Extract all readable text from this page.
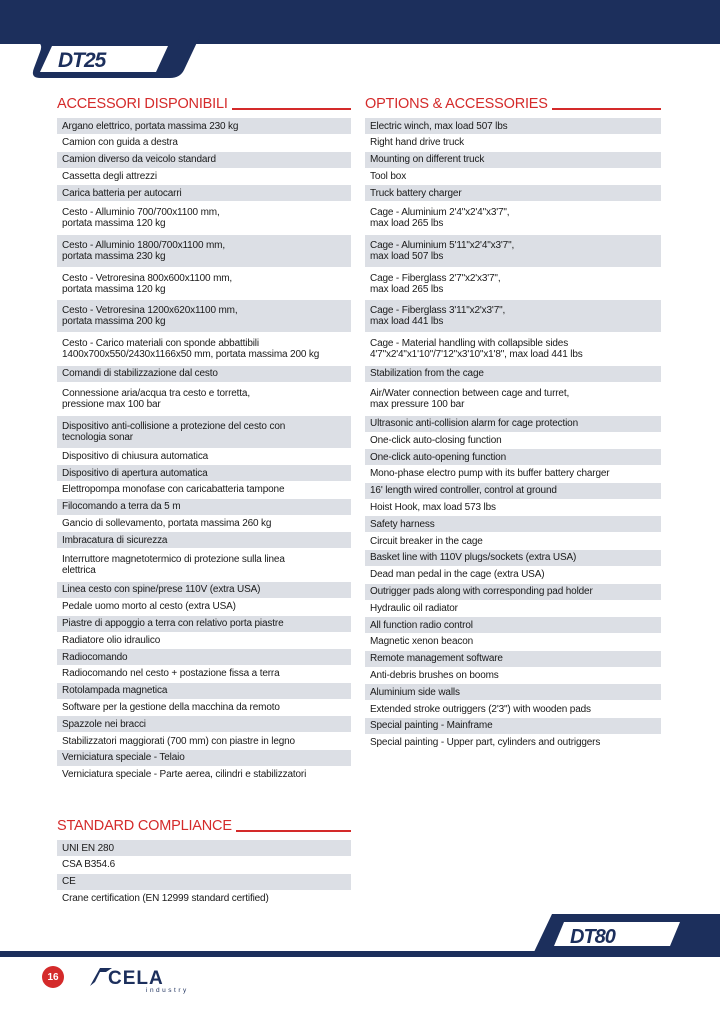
DT25
ACCESSORI DISPONIBILI
Argano elettrico, portata massima 230 kg
Camion con guida a destra
Camion diverso da veicolo standard
Cassetta degli attrezzi
Carica batteria per autocarri
Cesto - Alluminio 700/700x1100 mm,
portata massima 120 kg
Cesto - Alluminio 1800/700x1100 mm,
portata massima 230 kg
Cesto - Vetroresina 800x600x1100 mm,
portata massima 120 kg
Cesto - Vetroresina 1200x620x1100 mm,
portata massima 200 kg
Cesto - Carico materiali con sponde abbattibili
1400x700x550/2430x1166x50 mm, portata massima 200 kg
Comandi di stabilizzazione dal cesto
Connessione aria/acqua tra cesto e torretta,
pressione max 100 bar
Dispositivo anti-collisione a protezione del cesto con
tecnologia sonar
Dispositivo di chiusura automatica
Dispositivo di apertura automatica
Elettropompa monofase con caricabatteria tampone
Filocomando a terra da 5 m
Gancio di sollevamento, portata massima 260 kg
Imbracatura di sicurezza
Interruttore magnetotermico di protezione sulla linea
elettrica
Linea cesto con spine/prese 110V (extra USA)
Pedale uomo morto al cesto (extra USA)
Piastre di appoggio a terra con relativo porta piastre
Radiatore olio idraulico
Radiocomando
Radiocomando nel cesto + postazione fissa a terra
Rotolampada magnetica
Software per la gestione della macchina da remoto
Spazzole nei bracci
Stabilizzatori maggiorati (700 mm) con piastre in legno
Verniciatura speciale - Telaio
Verniciatura speciale - Parte aerea, cilindri e stabilizzatori
OPTIONS & ACCESSORIES
Electric winch, max load 507 lbs
Right hand drive truck
Mounting on different truck
Tool box
Truck battery charger
Cage - Aluminium 2'4"x2'4"x3'7",
max load 265 lbs
Cage - Aluminium 5'11"x2'4"x3'7",
max load 507 lbs
Cage - Fiberglass 2'7"x2'x3'7",
max load 265 lbs
Cage - Fiberglass 3'11"x2'x3'7",
max load 441 lbs
Cage - Material handling with collapsible sides
4'7"x2'4"x1'10"/7'12"x3'10"x1'8", max load 441 lbs
Stabilization from the cage
Air/Water connection between cage and turret,
max pressure 100 bar
Ultrasonic anti-collision alarm for cage protection
One-click auto-closing function
One-click auto-opening function
Mono-phase electro pump with its buffer battery charger
16' length wired controller, control at ground
Hoist Hook, max load 573 lbs
Safety harness
Circuit breaker in the cage
Basket line with 110V plugs/sockets (extra USA)
Dead man pedal in the cage (extra USA)
Outrigger pads along with corresponding pad holder
Hydraulic oil radiator
All function radio control
Magnetic xenon beacon
Remote management software
Anti-debris brushes on booms
Aluminium side walls
Extended stroke outriggers (2'3") with wooden pads
Special painting - Mainframe
Special painting - Upper part, cylinders and outriggers
STANDARD COMPLIANCE
UNI EN 280
CSA B354.6
CE
Crane certification (EN 12999 standard certified)
DT80
16	CELA
industry
